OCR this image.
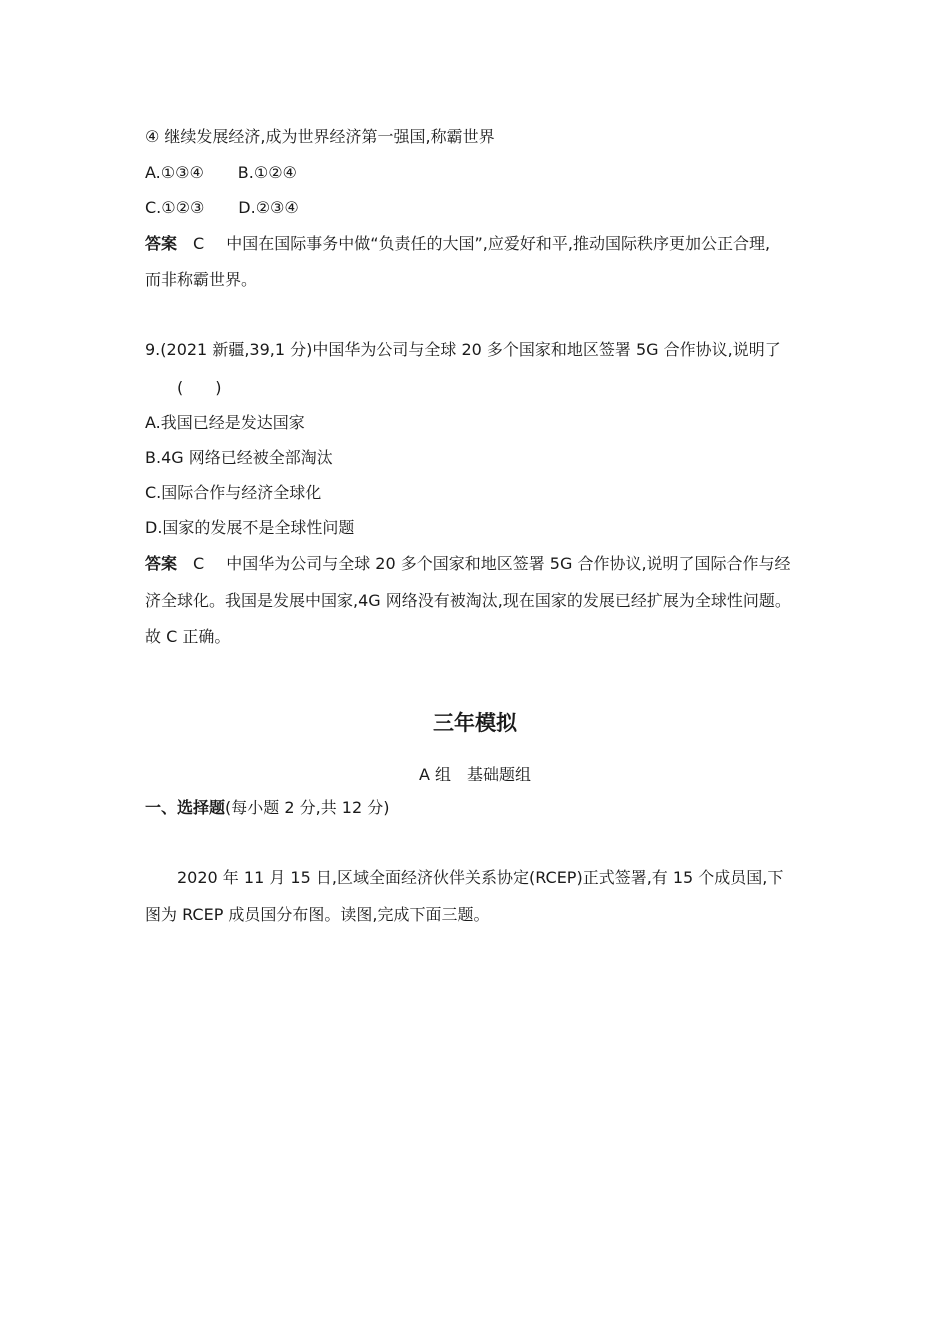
④ 继续发展经济,成为世界经济第一强国,称霸世界
A.①③④ B.①②④
C.①②③ D.②③④
答案 C 中国在国际事务中做“负责任的大国”,应爱好和平,推动国际秩序更加公正合理,
而非称霸世界。
9.(2021 新疆,39,1 分)中国华为公司与全球 20 多个国家和地区签署 5G 合作协议,说明了
(　　)
A.我国已经是发达国家
B.4G 网络已经被全部淘汰
C.国际合作与经济全球化
D.国家的发展不是全球性问题
答案 C 中国华为公司与全球 20 多个国家和地区签署 5G 合作协议,说明了国际合作与经
济全球化。我国是发展中国家,4G 网络没有被淘汰,现在国家的发展已经扩展为全球性问题。
故 C 正确。
三年模拟
A 组　基础题组
一、选择题(每小题 2 分,共 12 分)
2020 年 11 月 15 日,区域全面经济伙伴关系协定(RCEP)正式签署,有 15 个成员国,下
图为 RCEP 成员国分布图。读图,完成下面三题。
